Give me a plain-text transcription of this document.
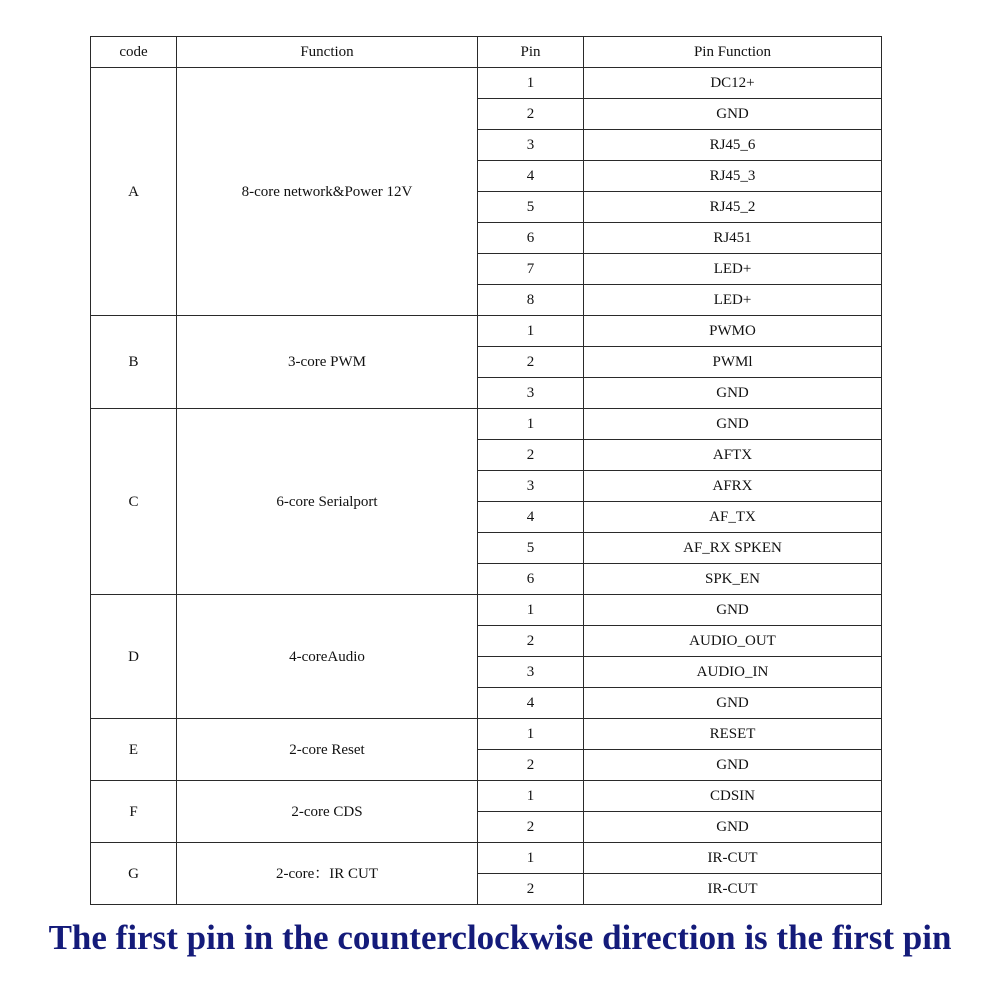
code	Function	Pin	Pin Function
A	8-core network&Power 12V	1	DC12+
		2	GND
		3	RJ45_6
		4	RJ45_3
		5	RJ45_2
		6	RJ451
		7	LED+
		8	LED+
B	3-core PWM	1	PWMO
		2	PWMl
		3	GND
C	6-core Serialport	1	GND
		2	AFTX
		3	AFRX
		4	AF_TX
		5	AF_RX SPKEN
		6	SPK_EN
D	4-coreAudio	1	GND
		2	AUDIO_OUT
		3	AUDIO_IN
		4	GND
E	2-core Reset	1	RESET
		2	GND
F	2-core CDS	1	CDSIN
		2	GND
G	2-core：IR CUT	1	IR-CUT
		2	IR-CUT
The first pin in the counterclockwise direction is the first pin
